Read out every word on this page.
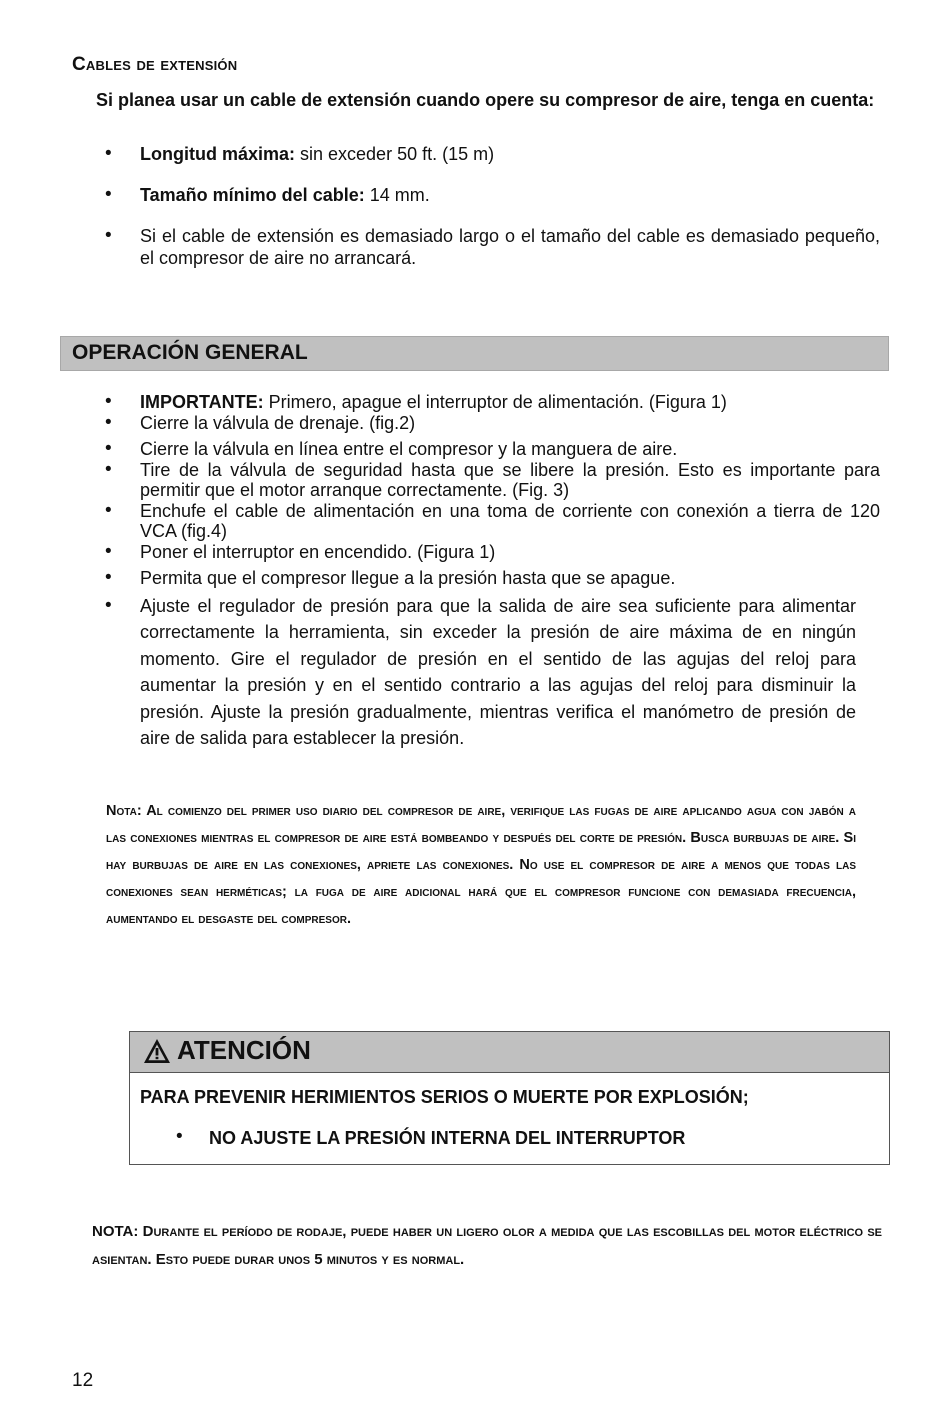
Cables de extensión
Si planea usar un cable de extensión cuando opere su compresor de aire, tenga en cuenta:
• Longitud máxima: sin exceder 50 ft. (15 m)
• Tamaño mínimo del cable: 14 mm.
• Si el cable de extensión es demasiado largo o el tamaño del cable es demasiado pequeño, el compresor de aire no arrancará.
OPERACIÓN GENERAL
• IMPORTANTE: Primero, apague el interruptor de alimentación. (Figura 1)
• Cierre la válvula de drenaje. (fig.2)
• Cierre la válvula en línea entre el compresor y la manguera de aire.
• Tire de la válvula de seguridad hasta que se libere la presión. Esto es importante para permitir que el motor arranque correctamente. (Fig. 3)
• Enchufe el cable de alimentación en una toma de corriente con conexión a tierra de 120 VCA (fig.4)
• Poner el interruptor en encendido. (Figura 1)
• Permita que el compresor llegue a la presión hasta que se apague.
• Ajuste el regulador de presión para que la salida de aire sea suficiente para alimentar correctamente la herramienta, sin exceder la presión de aire máxima de en ningún momento. Gire el regulador de presión en el sentido de las agujas del reloj para aumentar la presión y en el sentido contrario a las agujas del reloj para disminuir la presión. Ajuste la presión gradualmente, mientras verifica el manómetro de presión de aire de salida para establecer la presión.
Nota: Al comienzo del primer uso diario del compresor de aire, verifique las fugas de aire aplicando agua con jabón a las conexiones mientras el compresor de aire está bombeando y después del corte de presión. Busca burbujas de aire. Si hay burbujas de aire en las conexiones, apriete las conexiones. No use el compresor de aire a menos que todas las conexiones sean herméticas; la fuga de aire adicional hará que el compresor funcione con demasiada frecuencia, aumentando el desgaste del compresor.
ATENCIÓN
PARA PREVENIR HERIMIENTOS SERIOS O MUERTE POR EXPLOSIÓN;
• NO AJUSTE LA PRESIÓN INTERNA DEL INTERRUPTOR
NOTA: Durante el período de rodaje, puede haber un ligero olor a medida que las escobillas del motor eléctrico se asientan. Esto puede durar unos 5 minutos y es normal.
12
